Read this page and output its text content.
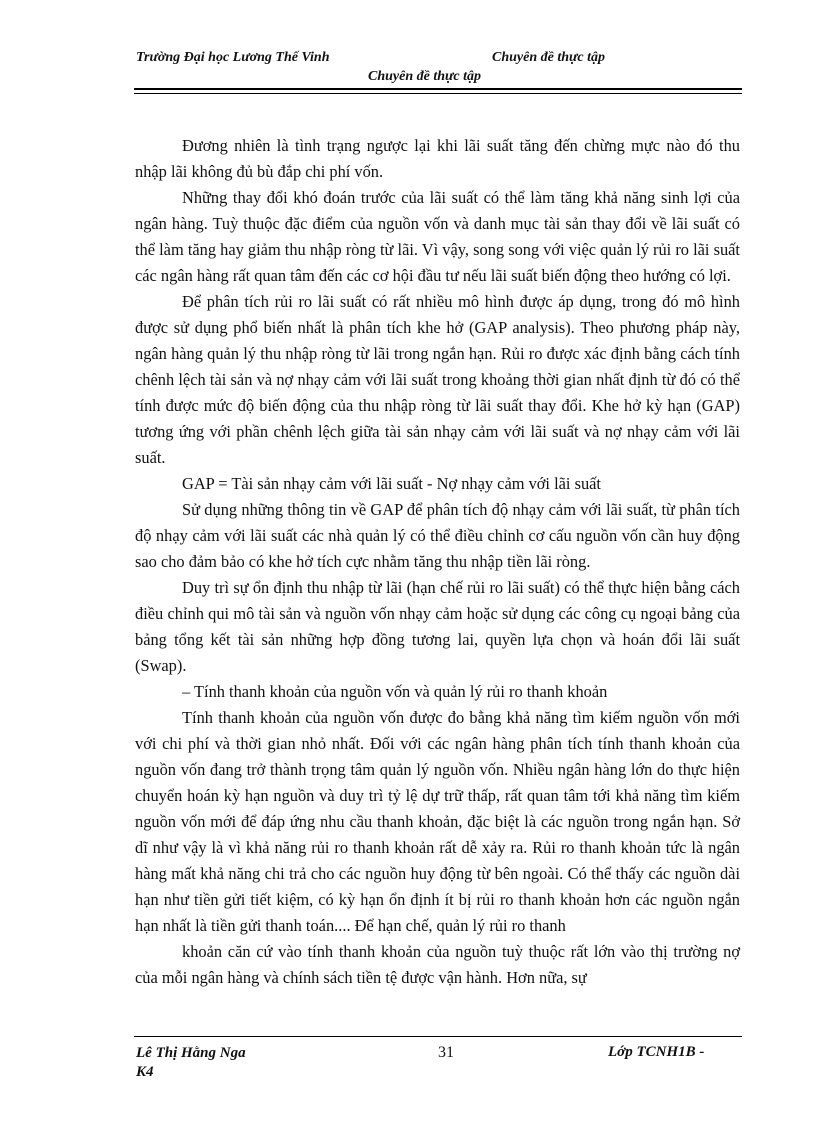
Trường Đại học Lương Thế Vinh	Chuyên đề thực tập
Chuyên đề thực tập

Đương nhiên là tình trạng ngược lại khi lãi suất tăng đến chừng mực nào đó thu nhập lãi không đủ bù đắp chi phí vốn.

Những thay đổi khó đoán trước của lãi suất có thể làm tăng khả năng sinh lợi của ngân hàng. Tuỳ thuộc đặc điểm của nguồn vốn và danh mục tài sản thay đổi về lãi suất có thể làm tăng hay giảm thu nhập ròng từ lãi. Vì vậy, song song với việc quản lý rủi ro lãi suất các ngân hàng rất quan tâm đến các cơ hội đầu tư nếu lãi suất biến động theo hướng có lợi.

Để phân tích rủi ro lãi suất có rất nhiều mô hình được áp dụng, trong đó mô hình được sử dụng phổ biến nhất là phân tích khe hở (GAP analysis). Theo phương pháp này, ngân hàng quản lý thu nhập ròng từ lãi trong ngắn hạn. Rủi ro được xác định bằng cách tính chênh lệch tài sản và nợ nhạy cảm với lãi suất trong khoảng thời gian nhất định từ đó có thể tính được mức độ biến động của thu nhập ròng từ lãi suất thay đổi. Khe hở kỳ hạn (GAP) tương ứng với phần chênh lệch giữa tài sản nhạy cảm với lãi suất và nợ nhạy cảm với lãi suất.

GAP = Tài sản nhạy cảm với lãi suất - Nợ nhạy cảm với lãi suất

Sử dụng những thông tin về GAP để phân tích độ nhạy cảm với lãi suất, từ phân tích độ nhạy cảm với lãi suất các nhà quản lý có thể điều chỉnh cơ cấu nguồn vốn cần huy động sao cho đảm bảo có khe hở tích cực nhằm tăng thu nhập tiền lãi ròng.

Duy trì sự ổn định thu nhập từ lãi (hạn chế rủi ro lãi suất) có thể thực hiện bằng cách điều chỉnh qui mô tài sản và nguồn vốn nhạy cảm hoặc sử dụng các công cụ ngoại bảng của bảng tổng kết tài sản những hợp đồng tương lai, quyền lựa chọn và hoán đổi lãi suất (Swap).

– Tính thanh khoản của nguồn vốn và quản lý rủi ro thanh khoản

Tính thanh khoản của nguồn vốn được đo bằng khả năng tìm kiếm nguồn vốn mới với chi phí và thời gian nhỏ nhất. Đối với các ngân hàng phân tích tính thanh khoản của nguồn vốn đang trở thành trọng tâm quản lý nguồn vốn. Nhiều ngân hàng lớn do thực hiện chuyển hoán kỳ hạn nguồn và duy trì tỷ lệ dự trữ thấp, rất quan tâm tới khả năng tìm kiếm nguồn vốn mới để đáp ứng nhu cầu thanh khoản, đặc biệt là các nguồn trong ngắn hạn. Sở dĩ như vậy là vì khả năng rủi ro thanh khoản rất dễ xảy ra. Rủi ro thanh khoản tức là ngân hàng mất khả năng chi trả cho các nguồn huy động từ bên ngoài. Có thể thấy các nguồn dài hạn như tiền gửi tiết kiệm, có kỳ hạn ổn định ít bị rủi ro thanh khoản hơn các nguồn ngắn hạn nhất là tiền gửi thanh toán.... Để hạn chế, quản lý rủi ro thanh

khoản căn cứ vào tính thanh khoản của nguồn tuỳ thuộc rất lớn vào thị trường nợ của mỗi ngân hàng và chính sách tiền tệ được vận hành. Hơn nữa, sự

Lê Thị Hằng Nga
K4
31	Lớp TCNH1B -
